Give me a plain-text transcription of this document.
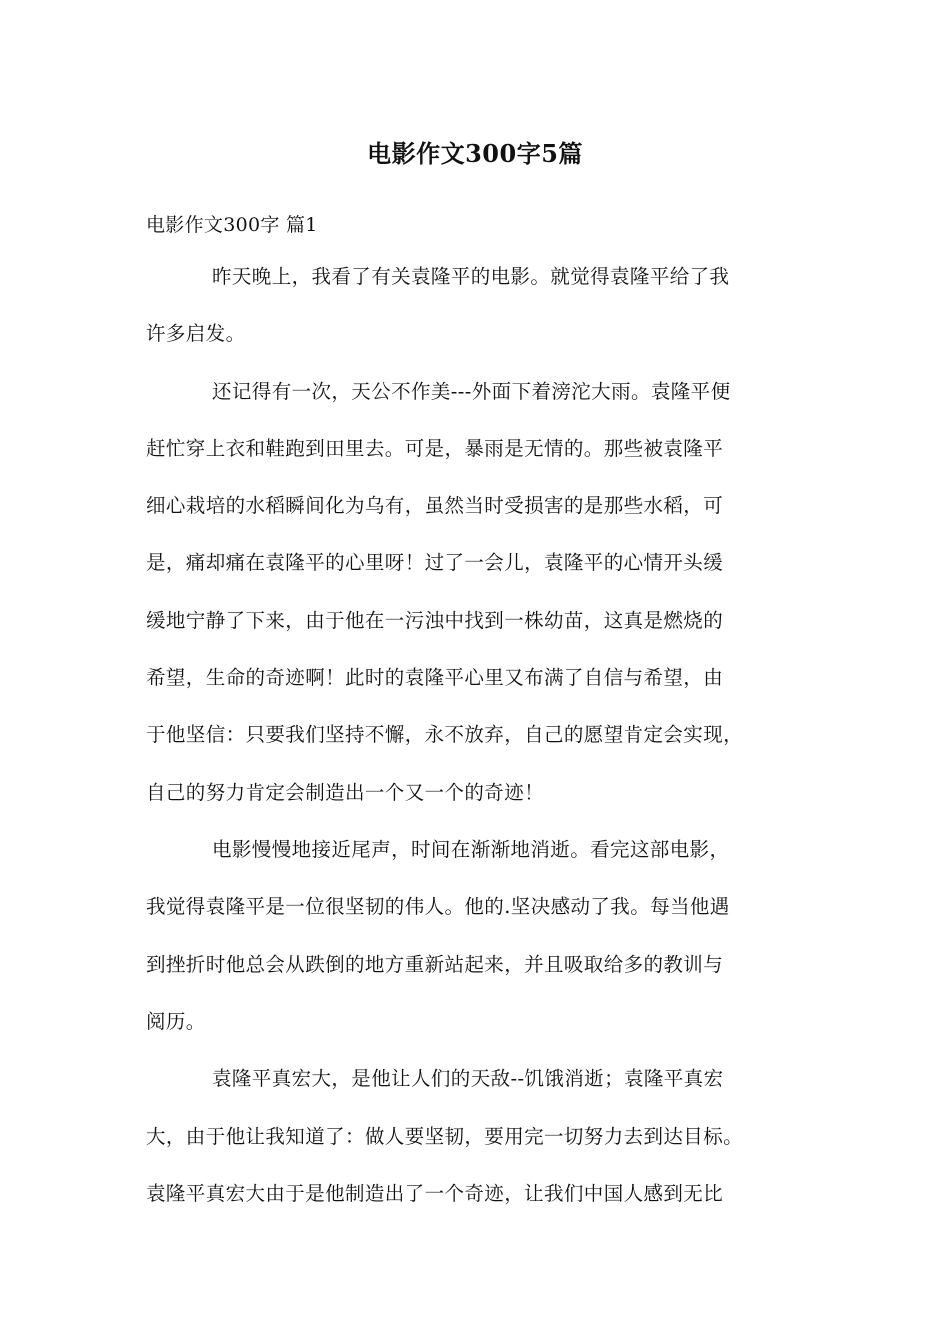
电影作文300字5篇
电影作文300字 篇1
昨天晚上，我看了有关袁隆平的电影。就觉得袁隆平给了我
许多启发。
还记得有一次，天公不作美---外面下着滂沱大雨。袁隆平便
赶忙穿上衣和鞋跑到田里去。可是，暴雨是无情的。那些被袁隆平
细心栽培的水稻瞬间化为乌有，虽然当时受损害的是那些水稻，可
是，痛却痛在袁隆平的心里呀！过了一会儿，袁隆平的心情开头缓
缓地宁静了下来，由于他在一污浊中找到一株幼苗，这真是燃烧的
希望，生命的奇迹啊！此时的袁隆平心里又布满了自信与希望，由
于他坚信：只要我们坚持不懈，永不放弃，自己的愿望肯定会实现，
自己的努力肯定会制造出一个又一个的奇迹！
电影慢慢地接近尾声，时间在渐渐地消逝。看完这部电影，
我觉得袁隆平是一位很坚韧的伟人。他的.坚决感动了我。每当他遇
到挫折时他总会从跌倒的地方重新站起来，并且吸取给多的教训与
阅历。
袁隆平真宏大，是他让人们的天敌--饥饿消逝；袁隆平真宏
大，由于他让我知道了：做人要坚韧，要用完一切努力去到达目标。
袁隆平真宏大由于是他制造出了一个奇迹，让我们中国人感到无比
